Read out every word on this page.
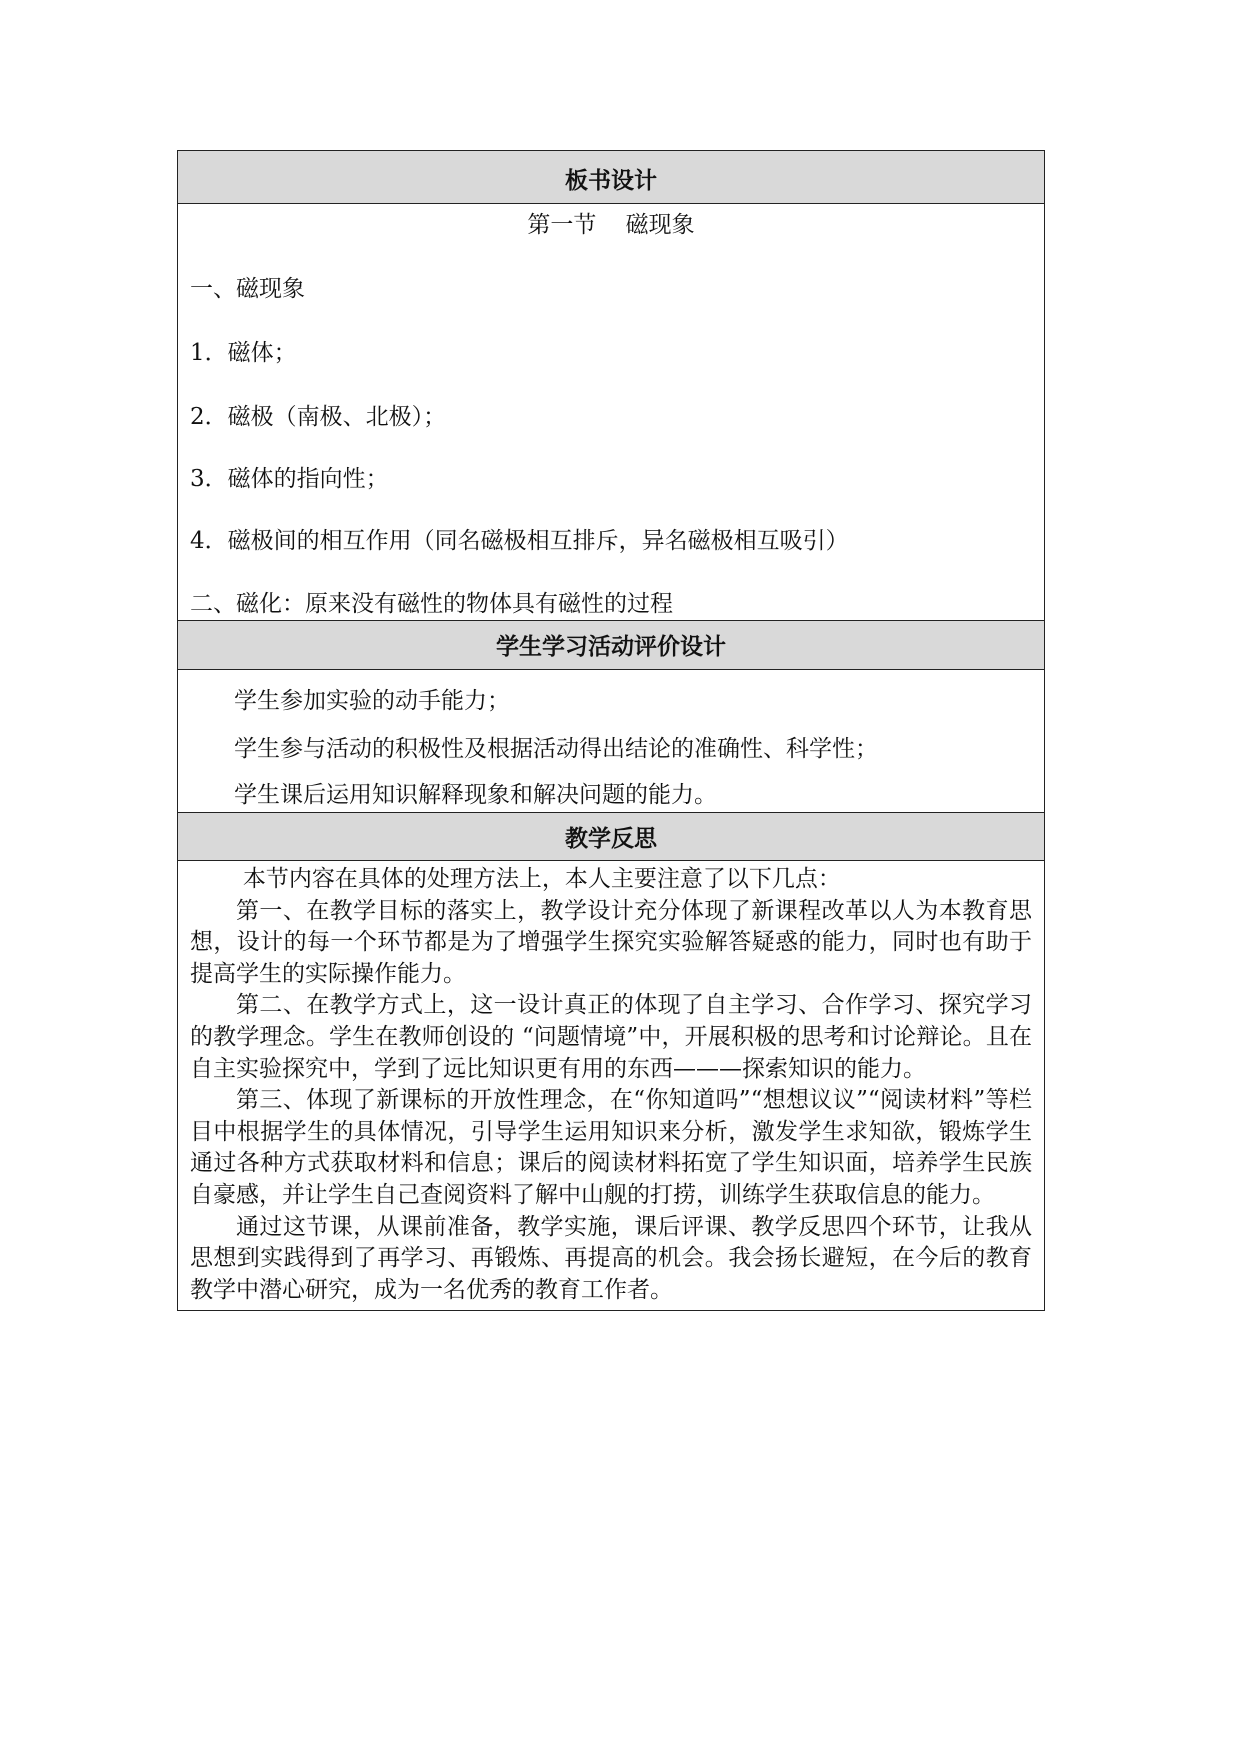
板书设计
第一节    磁现象
一、磁现象
1．磁体；
2．磁极（南极、北极）；
3．磁体的指向性；
4．磁极间的相互作用（同名磁极相互排斥，异名磁极相互吸引）
二、磁化：原来没有磁性的物体具有磁性的过程
学生学习活动评价设计
学生参加实验的动手能力；
学生参与活动的积极性及根据活动得出结论的准确性、科学性；
学生课后运用知识解释现象和解决问题的能力。
教学反思

本节内容在具体的处理方法上，本人主要注意了以下几点：

第一、在教学目标的落实上，教学设计充分体现了新课程改革以人为本教育思想，设计的每一个环节都是为了增强学生探究实验解答疑惑的能力，同时也有助于提高学生的实际操作能力。

第二、在教学方式上，这一设计真正的体现了自主学习、合作学习、探究学习的教学理念。学生在教师创设的 “问题情境”中，开展积极的思考和讨论辩论。且在自主实验探究中，学到了远比知识更有用的东西———探索知识的能力。

第三、体现了新课标的开放性理念，在“你知道吗”“想想议议”“阅读材料”等栏目中根据学生的具体情况，引导学生运用知识来分析，激发学生求知欲，锻炼学生通过各种方式获取材料和信息；课后的阅读材料拓宽了学生知识面，培养学生民族自豪感，并让学生自己查阅资料了解中山舰的打捞，训练学生获取信息的能力。

通过这节课，从课前准备，教学实施，课后评课、教学反思四个环节，让我从思想到实践得到了再学习、再锻炼、再提高的机会。我会扬长避短，在今后的教育教学中潜心研究，成为一名优秀的教育工作者。
